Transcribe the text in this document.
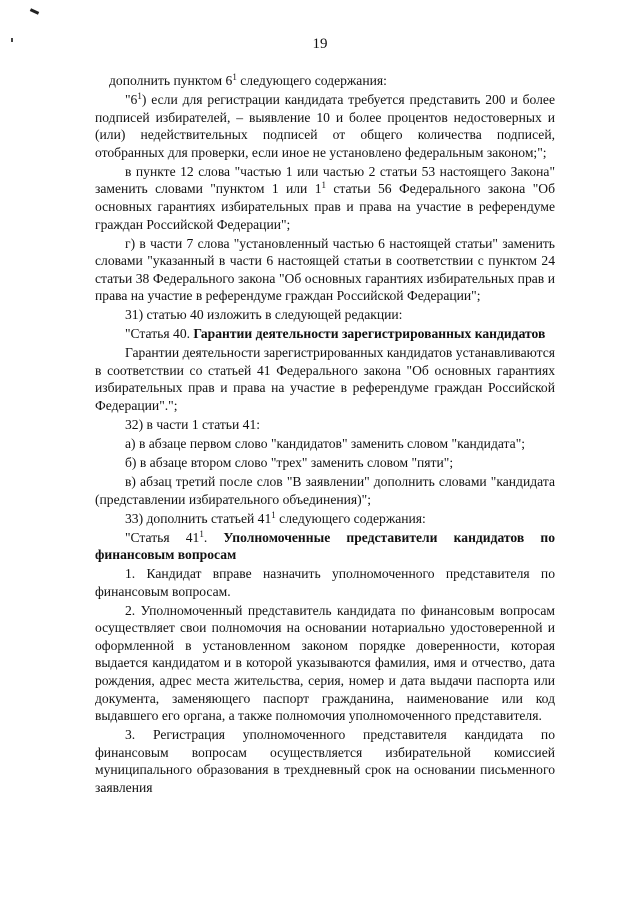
19

дополнить пунктом $6^1$ следующего содержания:

"$6^1$) если для регистрации кандидата требуется представить 200 и более подписей избирателей, – выявление 10 и более процентов недостоверных и (или) недействительных подписей от общего количества подписей, отобранных для проверки, если иное не установлено федеральным законом;";

в пункте 12 слова "частью 1 или частью 2 статьи 53 настоящего Закона" заменить словами "пунктом 1 или $1^1$ статьи 56 Федерального закона "Об основных гарантиях избирательных прав и права на участие в референдуме граждан Российской Федерации";

г) в части 7 слова "установленный частью 6 настоящей статьи" заменить словами "указанный в части 6 настоящей статьи в соответствии с пунктом 24 статьи 38 Федерального закона "Об основных гарантиях избирательных прав и права на участие в референдуме граждан Российской Федерации";

31) статью 40 изложить в следующей редакции:

"Статья 40. Гарантии деятельности зарегистрированных кандидатов

Гарантии деятельности зарегистрированных кандидатов устанавливаются в соответствии со статьей 41 Федерального закона "Об основных гарантиях избирательных прав и права на участие в референдуме граждан Российской Федерации".";

32) в части 1 статьи 41:

а) в абзаце первом слово "кандидатов" заменить словом "кандидата";

б) в абзаце втором слово "трех" заменить словом "пяти";

в) абзац третий после слов "В заявлении" дополнить словами "кандидата (представлении избирательного объединения)";

33) дополнить статьей $41^1$ следующего содержания:

"Статья $41^1$. Уполномоченные представители кандидатов по финансовым вопросам

1. Кандидат вправе назначить уполномоченного представителя по финансовым вопросам.

2. Уполномоченный представитель кандидата по финансовым вопросам осуществляет свои полномочия на основании нотариально удостоверенной и оформленной в установленном законом порядке доверенности, которая выдается кандидатом и в которой указываются фамилия, имя и отчество, дата рождения, адрес места жительства, серия, номер и дата выдачи паспорта или документа, заменяющего паспорт гражданина, наименование или код выдавшего его органа, а также полномочия уполномоченного представителя.

3. Регистрация уполномоченного представителя кандидата по финансовым вопросам осуществляется избирательной комиссией муниципального образования в трехдневный срок на основании письменного заявления
